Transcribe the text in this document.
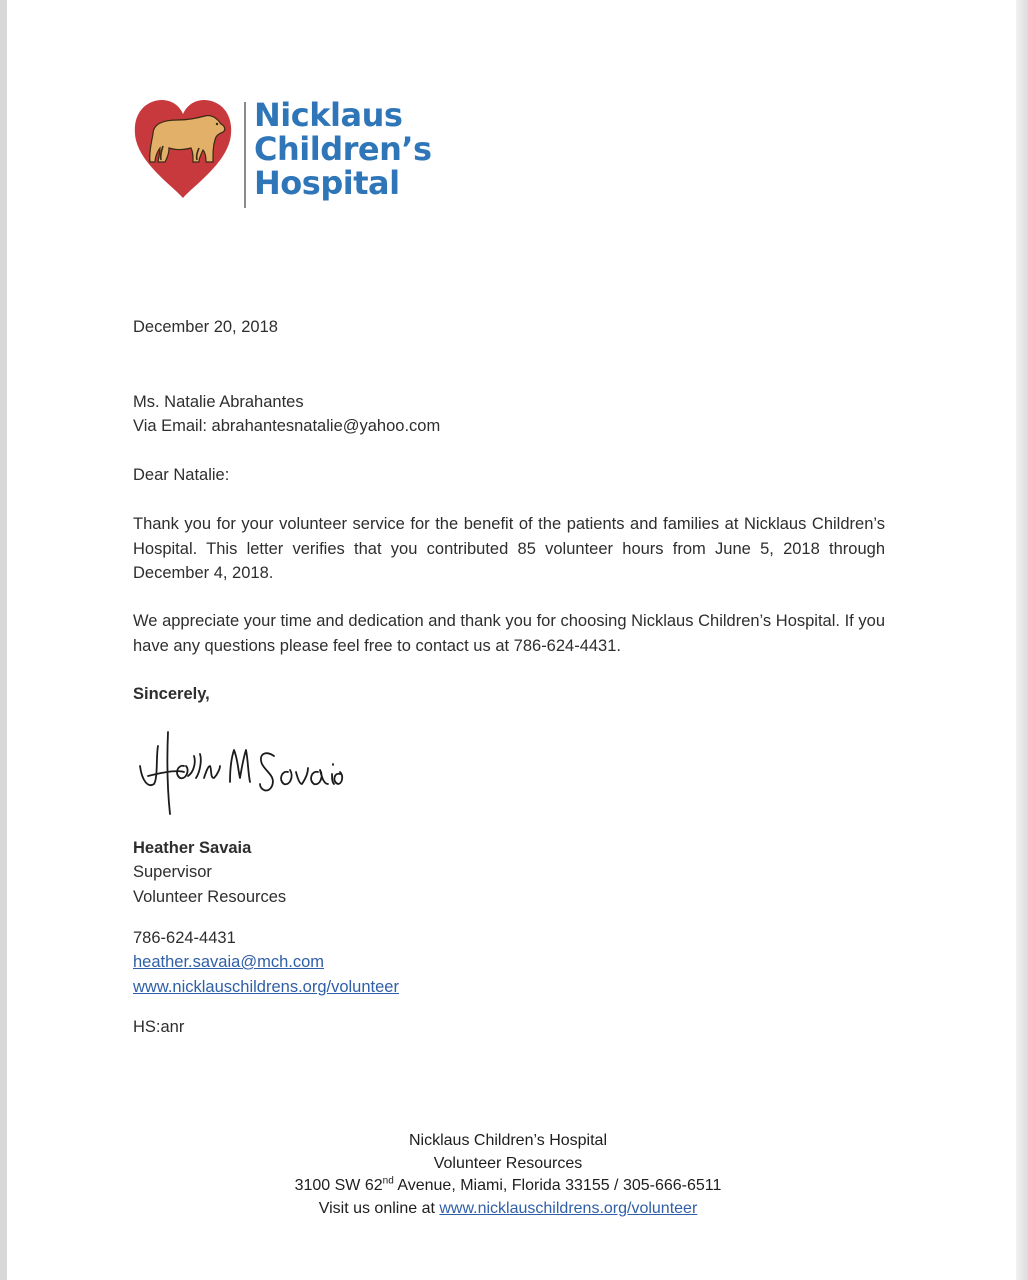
Nicklaus
Children’s
Hospital
December 20, 2018
Ms. Natalie Abrahantes
Via Email: abrahantesnatalie@yahoo.com
Dear Natalie:
Thank you for your volunteer service for the benefit of the patients and families at Nicklaus Children’s Hospital. This letter verifies that you contributed 85 volunteer hours from June 5, 2018 through December 4, 2018.
We appreciate your time and dedication and thank you for choosing Nicklaus Children’s Hospital. If you have any questions please feel free to contact us at 786-624-4431.
Sincerely,
Heather Savaia
Supervisor
Volunteer Resources
786-624-4431
heather.savaia@mch.com
www.nicklauschildrens.org/volunteer
HS:anr
Nicklaus Children’s Hospital
Volunteer Resources
3100 SW 62nd Avenue, Miami, Florida 33155 / 305-666-6511
Visit us online at www.nicklauschildrens.org/volunteer
